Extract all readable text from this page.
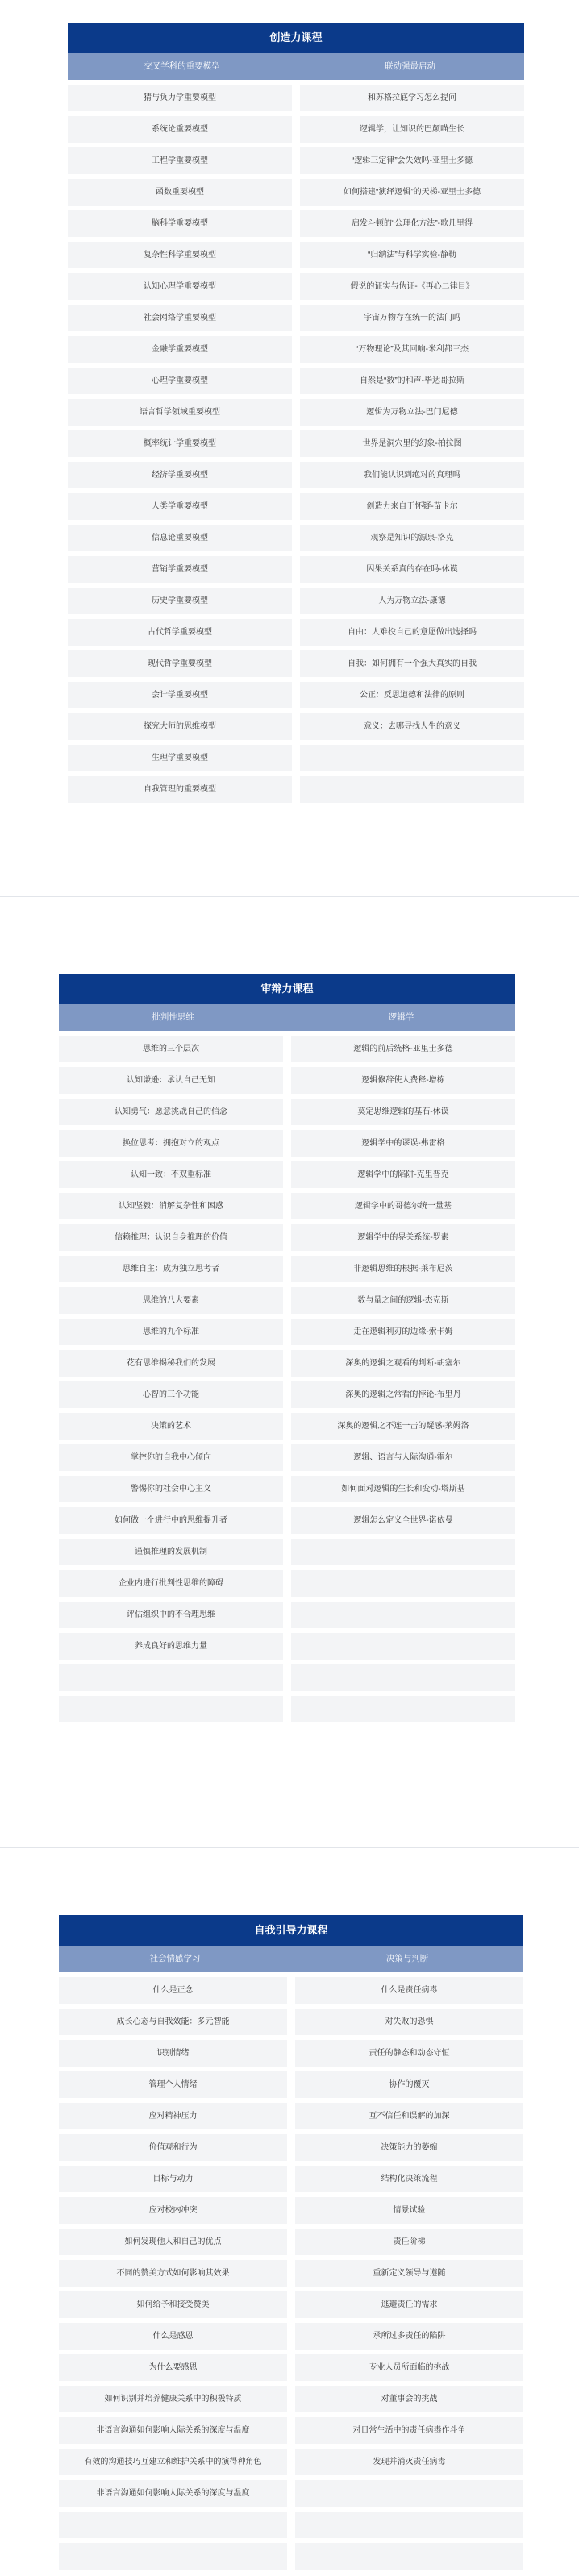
创造力课程
交叉学科的重要模型	联动强最启动
猜与负力学重要模型	和苏格拉底学习怎么提问
系统论重要模型	逻辑学，让知识的巴颠喵生长
工程学重要模型	“逻辑三定律”会失效吗-亚里士多德
函数重要模型	如何搭建“演绎逻辑”的天梯-亚里士多德
脑科学重要模型	启发斗顿的“公理化方法”-歌几里得
复杂性科学重要模型	“归纳法”与科学实验-静勒
认知心理学重要模型	假说的证实与伪证-《再心二律目》
社会网络学重要模型	宇宙万物存在统一的法门吗
金融学重要模型	“万物理论”及其回响-米利都三杰
心理学重要模型	自然是“数”的和声-毕达哥拉斯
语言哲学领域重要模型	逻辑为万物立法-巴门尼德
概率统计学重要模型	世界是洞穴里的幻象-柏拉图
经济学重要模型	我们能认识到绝对的真理吗
人类学重要模型	创造力来自于怀疑-苗卡尔
信息论重要模型	观察是知识的源泉-洛克
营销学重要模型	因果关系真的存在吗-休谟
历史学重要模型	人为万物立法-康德
古代哲学重要模型	自由：人难投自己的意愿做出选择吗
现代哲学重要模型	自我：如何拥有一个强大真实的自我
会计学重要模型	公正：反思道德和法律的原则
探究大师的思维模型	意义：去哪寻找人生的意义
生理学重要模型
自我管理的重要模型
审辩力课程
批判性思维	逻辑学
思维的三个层次	逻辑的前后统格-亚里士多德
认知谦逊：承认自己无知	逻辑修辞使人费释-增栋
认知勇气：愿意挑战自己的信念	莫定思维逻辑的基石-休谟
换位思考：拥抱对立的观点	逻辑学中的谬误-弗雷格
认知一致：不双重标准	逻辑学中的陷阱-克里普克
认知坚毅：消解复杂性和困惑	逻辑学中的哥德尔统一量基
信赖推理：认识自身推理的价值	逻辑学中的界关系统-罗素
思维自主：成为独立思考者	非逻辑思维的根据-莱布尼茨
思维的八大要素	数与量之间的逻辑-杰克斯
思维的九个标准	走在逻辑利刃的边缘-索卡姆
花有思维揭秘我们的发展	深奥的逻辑之观看的判断-胡塞尔
心智的三个功能	深奥的逻辑之常看的悖论-布里丹
决策的艺术	深奥的逻辑之不连一击的疑感-莱姆洛
掌控你的自我中心倾向	逻辑、语言与人际沟通-霍尔
警惕你的社会中心主义	如何面对逻辑的生长和变动-塔斯基
如何做一个进行中的思维提升者	逻辑怎么定义全世界-诺依曼
谨慎推理的发展机制
企业内进行批判性思维的障碍
评估组织中的不合理思维
养成良好的思维力量
自我引导力课程
社会情感学习	决策与判断
什么是正念	什么是责任病毒
成长心态与自我效能：多元智能	对失败的恐惧
识别情绪	责任的静态和动态守恒
管理个人情绪	协作的覆灭
应对精神压力	互不信任和误解的加深
价值观和行为	决策能力的萎缩
目标与动力	结构化决策流程
应对校内冲突	情景试验
如何发现他人和自己的优点	责任阶梯
不同的赞美方式如何影响其效果	重新定义领导与遵随
如何给予和接受赞美	逃避责任的需求
什么是感恩	承所过多责任的陷阱
为什么要感恩	专业人员所面临的挑战
如何识别并培养健康关系中的积极特质	对董事会的挑战
非语言沟通如何影响人际关系的深度与温度	对日常生活中的责任病毒作斗争
有效的沟通技巧互建立和维护关系中的演得种角色	发现并消灭责任病毒
非语言沟通如何影响人际关系的深度与温度
